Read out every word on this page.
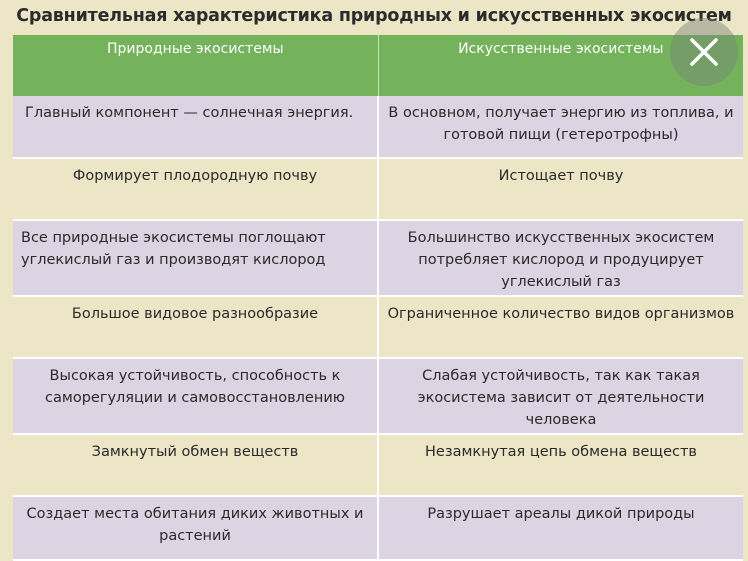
Сравнительная характеристика природных и искусственных экосистем
Природные экосистемы	Искусственные экосистемы
Главный компонент — солнечная энергия.	В основном, получает энергию из топлива, и готовой пищи (гетеротрофны)
Формирует плодородную почву	Истощает почву
Все природные экосистемы поглощают углекислый газ и производят кислород	Большинство искусственных экосистем потребляет кислород и продуцирует углекислый газ
Большое видовое разнообразие	Ограниченное количество видов организмов
Высокая устойчивость, способность к саморегуляции и самовосстановлению	Слабая устойчивость, так как такая экосистема зависит от деятельности человека
Замкнутый обмен веществ	Незамкнутая цепь обмена веществ
Создает места обитания диких животных и растений	Разрушает ареалы дикой природы
